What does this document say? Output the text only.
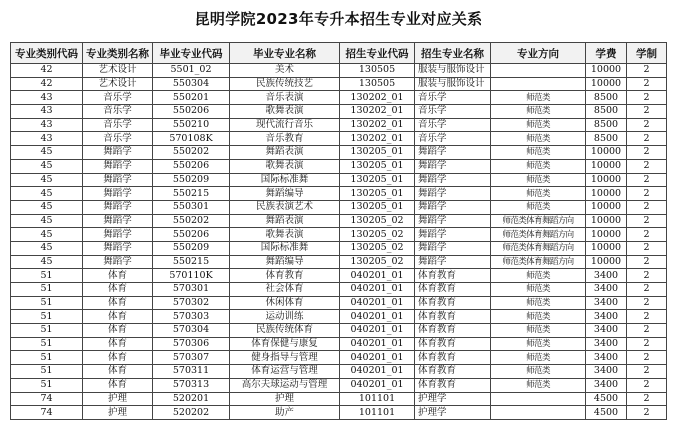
昆明学院2023年专升本招生专业对应关系
专业类别代码	专业类别名称	毕业专业代码	毕业专业名称	招生专业代码	招生专业名称	专业方向	学费	学制
42	艺术设计	5501_02	美术	130505	服装与服饰设计		10000	2
42	艺术设计	550304	民族传统技艺	130505	服装与服饰设计		10000	2
43	音乐学	550201	音乐表演	130202_01	音乐学	师范类	8500	2
43	音乐学	550206	歌舞表演	130202_01	音乐学	师范类	8500	2
43	音乐学	550210	现代流行音乐	130202_01	音乐学	师范类	8500	2
43	音乐学	570108K	音乐教育	130202_01	音乐学	师范类	8500	2
45	舞蹈学	550202	舞蹈表演	130205_01	舞蹈学	师范类	10000	2
45	舞蹈学	550206	歌舞表演	130205_01	舞蹈学	师范类	10000	2
45	舞蹈学	550209	国际标准舞	130205_01	舞蹈学	师范类	10000	2
45	舞蹈学	550215	舞蹈编导	130205_01	舞蹈学	师范类	10000	2
45	舞蹈学	550301	民族表演艺术	130205_01	舞蹈学	师范类	10000	2
45	舞蹈学	550202	舞蹈表演	130205_02	舞蹈学	师范类体育舞蹈方向	10000	2
45	舞蹈学	550206	歌舞表演	130205_02	舞蹈学	师范类体育舞蹈方向	10000	2
45	舞蹈学	550209	国际标准舞	130205_02	舞蹈学	师范类体育舞蹈方向	10000	2
45	舞蹈学	550215	舞蹈编导	130205_02	舞蹈学	师范类体育舞蹈方向	10000	2
51	体育	570110K	体育教育	040201_01	体育教育	师范类	3400	2
51	体育	570301	社会体育	040201_01	体育教育	师范类	3400	2
51	体育	570302	休闲体育	040201_01	体育教育	师范类	3400	2
51	体育	570303	运动训练	040201_01	体育教育	师范类	3400	2
51	体育	570304	民族传统体育	040201_01	体育教育	师范类	3400	2
51	体育	570306	体育保健与康复	040201_01	体育教育	师范类	3400	2
51	体育	570307	健身指导与管理	040201_01	体育教育	师范类	3400	2
51	体育	570311	体育运营与管理	040201_01	体育教育	师范类	3400	2
51	体育	570313	高尔夫球运动与管理	040201_01	体育教育	师范类	3400	2
74	护理	520201	护理	101101	护理学		4500	2
74	护理	520202	助产	101101	护理学		4500	2
